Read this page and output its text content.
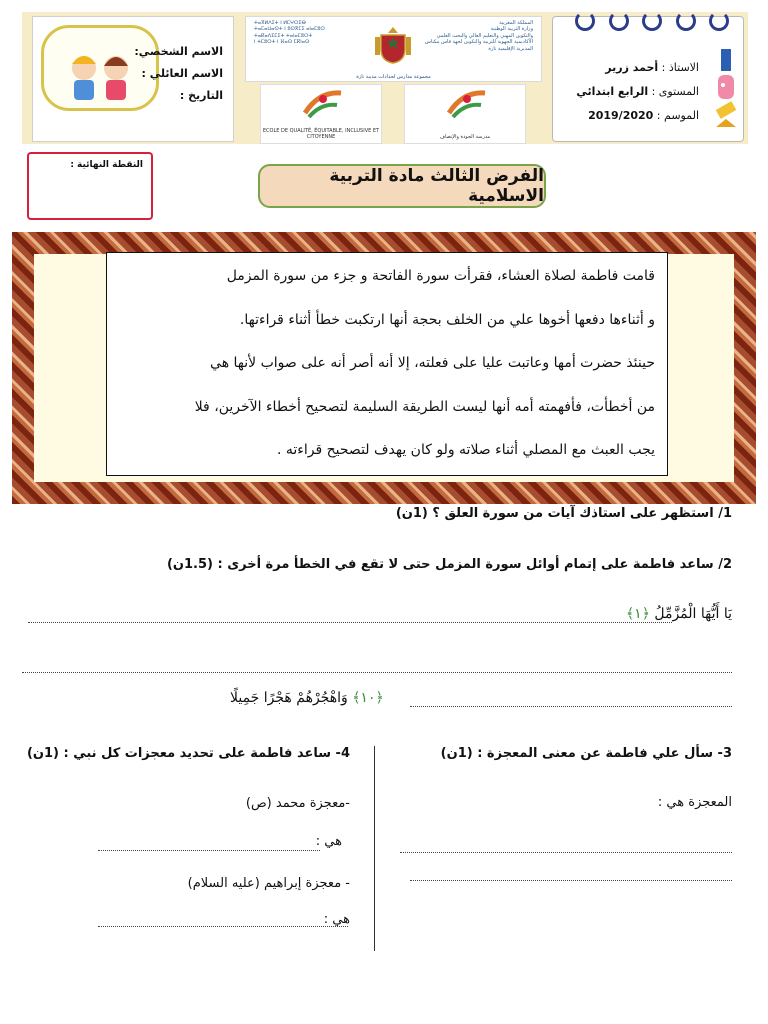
الاستاذ : أحمد زرير
المستوى : الرابع ابتدائي
الموسم : 2019/2020
ⵜⴰⴳⵍⴷⵉⵜ ⵏ ⵍⵎⵖⵔⵉⴱ
ⵜⴰⵎⴰⵡⴰⵙⵜ ⵏ ⵓⵙⴳⵎⵉ ⴰⵏⴰⵎⵓⵔ
ⵜⴰⴽⴰⴷⵉⵎⵉⵜ ⵜⴰⵏⴰⵎⵓⵔⵜ
ⵏ ⵜⵎⵓⵔⵜ ⵏ ⴼⴰⵙ ⵎⴽⵏⴰⵙ
المملكة المغربية
وزارة التربية الوطنية
والتكوين المهني والتعليم العالي والبحث العلمي
الأكاديمية الجهوية للتربية والتكوين لجهة فاس مكناس
المديرية الإقليمية تازة
مجموعة مدارس لحدادات مدينة تازة
ECOLE DE QUALITÉ, ÉQUITABLE, INCLUSIVE ET CITOYENNE	مدرسة الجودة والإنصاف
الاسم الشخصي:
الاسم العائلي :
التاريخ :
النقطة النهائية :
الفرض الثالث مادة التربية الاسلامية
قامت فاطمة لصلاة العشاء، فقرأت سورة الفاتحة و جزء من سورة المزمل
و أثناءها دفعها أخوها علي من الخلف بحجة أنها ارتكبت خطأ أثناء قراءتها.
حينئذ حضرت أمها وعاتبت عليا على فعلته، إلا أنه أصر أنه على صواب لأنها هي
من أخطأت، فأفهمته أمه أنها ليست الطريقة السليمة لتصحيح أخطاء الآخرين، فلا
يجب العبث مع المصلي أثناء صلاته ولو كان يهدف لتصحيح قراءته .
1/ استظهر على استاذك آيات من سورة العلق ؟ (1ن)
2/ ساعد فاطمة على إتمام أوائل سورة المزمل حتى لا تقع في الخطأ مرة أخرى : (1.5ن)
يَا أَيُّهَا الْمُزَّمِّلُ ﴿١﴾
﴿١٠﴾ وَاهْجُرْهُمْ هَجْرًا جَمِيلًا
3- سأل علي فاطمة عن معنى المعجزة : (1ن)
المعجزة هي :
4- ساعد فاطمة على تحديد معجزات كل نبي : (1ن)
-معجزة محمد (ص)
هي :
- معجزة إبراهيم (عليه السلام)
هي :
